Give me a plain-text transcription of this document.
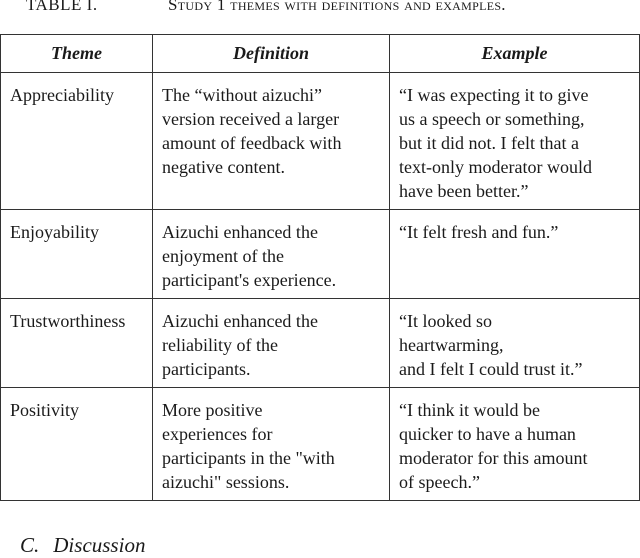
TABLE I.	Study 1 themes with definitions and examples.
Theme	Definition	Example

Appreciability	The “without aizuchi”
version received a larger
amount of feedback with
negative content.	“I was expecting it to give
us a speech or something,
but it did not. I felt that a
text-only moderator would
have been better.”

Enjoyability	Aizuchi enhanced the
enjoyment of the
participant's experience.	“It felt fresh and fun.”

Trustworthiness	Aizuchi enhanced the
reliability of the
participants.	“It looked so
heartwarming,
and I felt I could trust it.”

Positivity	More positive
experiences for
participants in the "with
aizuchi" sessions.	“I think it would be
quicker to have a human
moderator for this amount
of speech.”
C. Discussion
